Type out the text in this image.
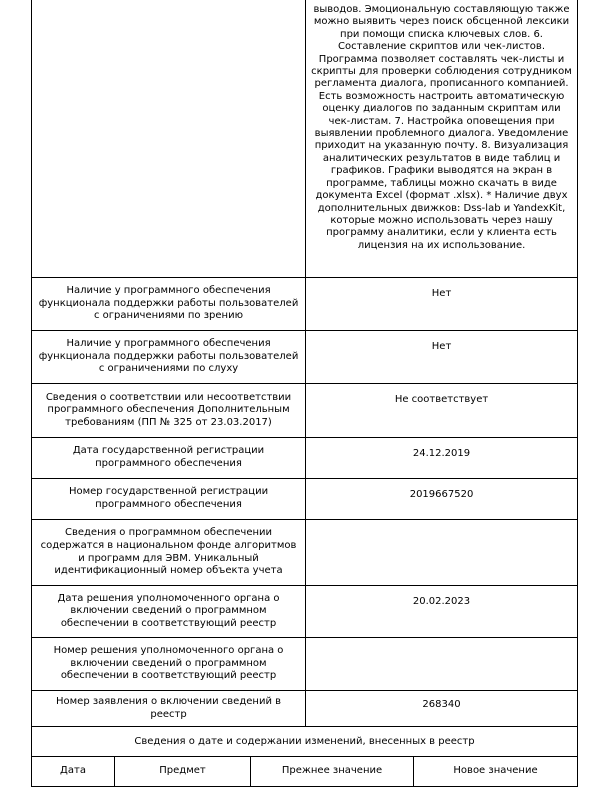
			выводов. Эмоциональную составляющую также можно выявить через поиск обсценной лексики при помощи списка ключевых слов. 6. Составление скриптов или чек-листов. Программа позволяет составлять чек-листы и скрипты для проверки соблюдения сотрудником регламента диалога, прописанного компанией. Есть возможность настроить автоматическую оценку диалогов по заданным скриптам или чек-листам. 7. Настройка оповещения при выявлении проблемного диалога. Уведомление приходит на указанную почту. 8. Визуализация аналитических результатов в виде таблиц и графиков. Графики выводятся на экран в программе, таблицы можно скачать в виде документа Excel (формат .xlsx). * Наличие двух дополнительных движков: Dss-lab и YandexKit, которые можно использовать через нашу программу аналитики, если у клиента есть лицензия на их использование.	
Наличие у программного обеспечения функционала поддержки работы пользователей с ограничениями по зрению			Нет	
Наличие у программного обеспечения функционала поддержки работы пользователей с ограничениями по слуху			Нет	
Сведения о соответствии или несоответствии программного обеспечения Дополнительным требованиям (ПП № 325 от 23.03.2017)			Не соответствует	
Дата государственной регистрации программного обеспечения			24.12.2019	
Номер государственной регистрации программного обеспечения			2019667520	
Сведения о программном обеспечении содержатся в национальном фонде алгоритмов и программ для ЭВМ. Уникальный идентификационный номер объекта учета				
Дата решения уполномоченного органа о включении сведений о программном обеспечении в соответствующий реестр			20.02.2023	
Номер решения уполномоченного органа о включении сведений о программном обеспечении в соответствующий реестр				
Номер заявления о включении сведений в реестр			268340	
Сведения о дате и содержании изменений, внесенных в реестр				
Дата	Предмет	Прежнее значение		Новое значение
